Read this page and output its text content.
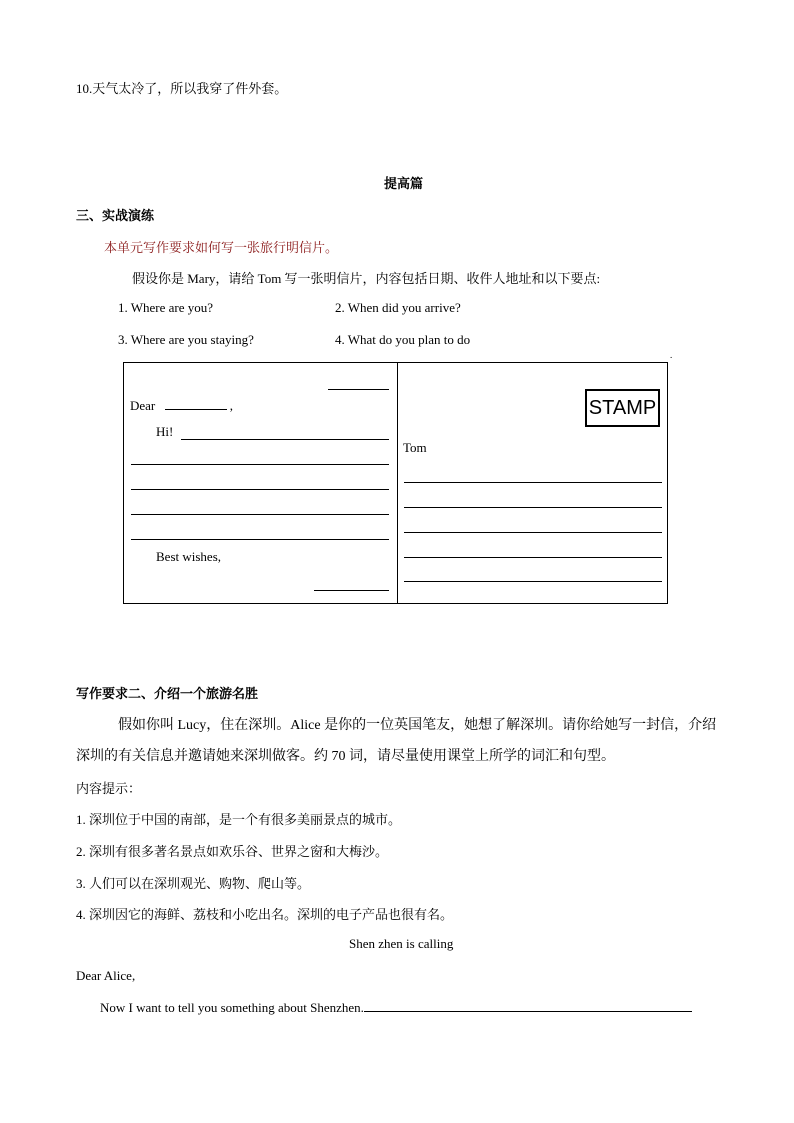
10.天气太冷了，所以我穿了件外套。
提高篇
三、实战演练
本单元写作要求如何写一张旅行明信片。
假设你是 Mary，请给 Tom 写一张明信片，内容包括日期、收件人地址和以下要点:
1. Where are you?	2. When did you arrive?
3. Where are you staying?	4. What do you plan to do
.
Dear	,
Hi!
Best wishes,
STAMP
Tom
写作要求二、介绍一个旅游名胜
假如你叫 Lucy，住在深圳。Alice 是你的一位英国笔友，她想了解深圳。请你给她写一封信，介绍
深圳的有关信息并邀请她来深圳做客。约 70 词，请尽量使用课堂上所学的词汇和句型。
内容提示：
1. 深圳位于中国的南部，是一个有很多美丽景点的城市。
2. 深圳有很多著名景点如欢乐谷、世界之窗和大梅沙。
3. 人们可以在深圳观光、购物、爬山等。
4. 深圳因它的海鲜、荔枝和小吃出名。深圳的电子产品也很有名。
Shen zhen is calling
Dear Alice,
Now I want to tell you something about Shenzhen.
